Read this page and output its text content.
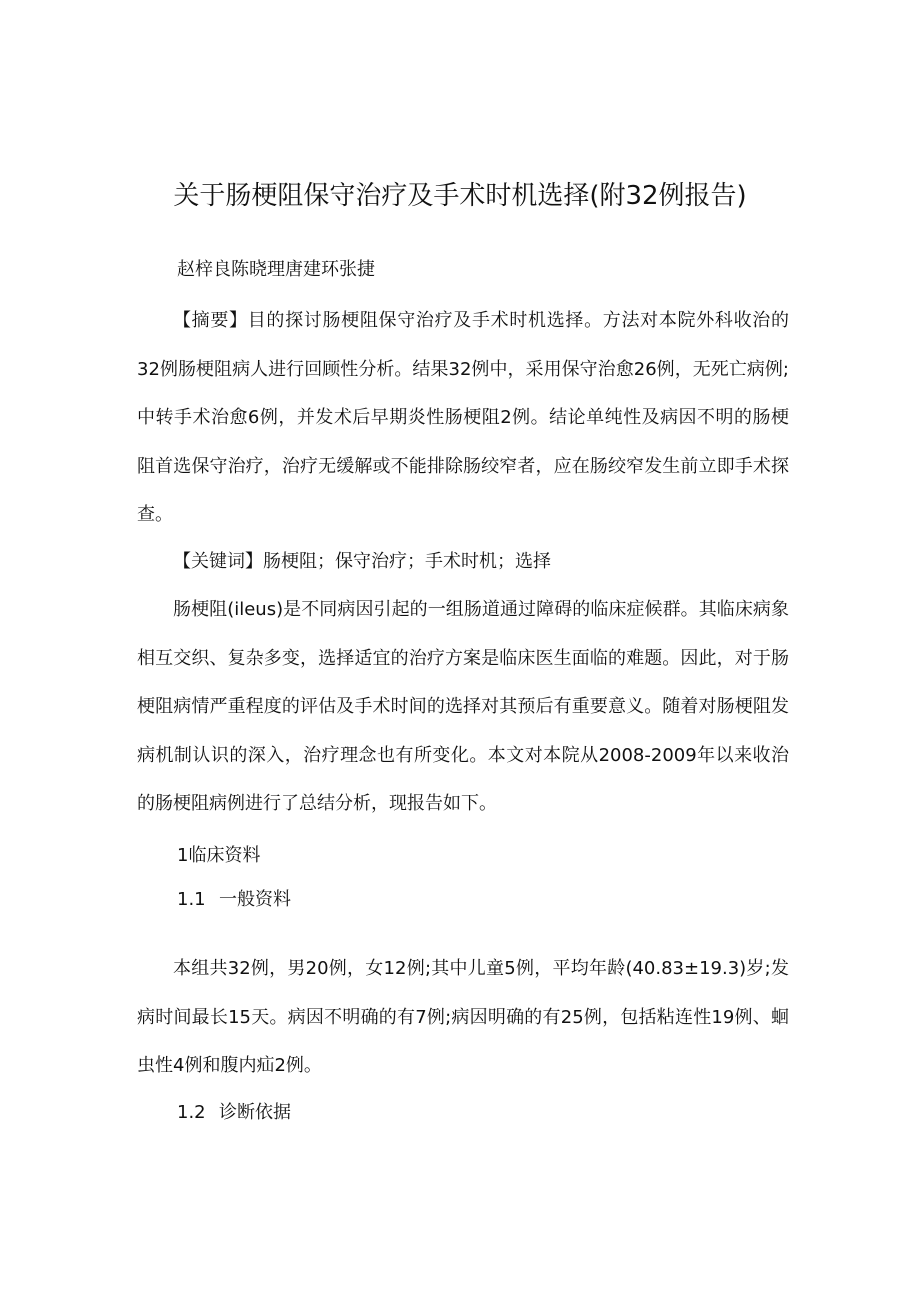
关于肠梗阻保守治疗及手术时机选择(附32例报告)
赵梓良陈晓理唐建环张捷
【摘要】目的探讨肠梗阻保守治疗及手术时机选择。方法对本院外科收治的32例肠梗阻病人进行回顾性分析。结果32例中，采用保守治愈26例，无死亡病例;中转手术治愈6例，并发术后早期炎性肠梗阻2例。结论单纯性及病因不明的肠梗阻首选保守治疗，治疗无缓解或不能排除肠绞窄者，应在肠绞窄发生前立即手术探查。
【关键词】肠梗阻；保守治疗；手术时机；选择
肠梗阻(ileus)是不同病因引起的一组肠道通过障碍的临床症候群。其临床病象相互交织、复杂多变，选择适宜的治疗方案是临床医生面临的难题。因此，对于肠梗阻病情严重程度的评估及手术时间的选择对其预后有重要意义。随着对肠梗阻发病机制认识的深入，治疗理念也有所变化。本文对本院从2008-2009年以来收治的肠梗阻病例进行了总结分析，现报告如下。
1临床资料
1.1 一般资料
本组共32例，男20例，女12例;其中儿童5例，平均年龄(40.83±19.3)岁;发病时间最长15天。病因不明确的有7例;病因明确的有25例，包括粘连性19例、蛔虫性4例和腹内疝2例。
1.2 诊断依据
